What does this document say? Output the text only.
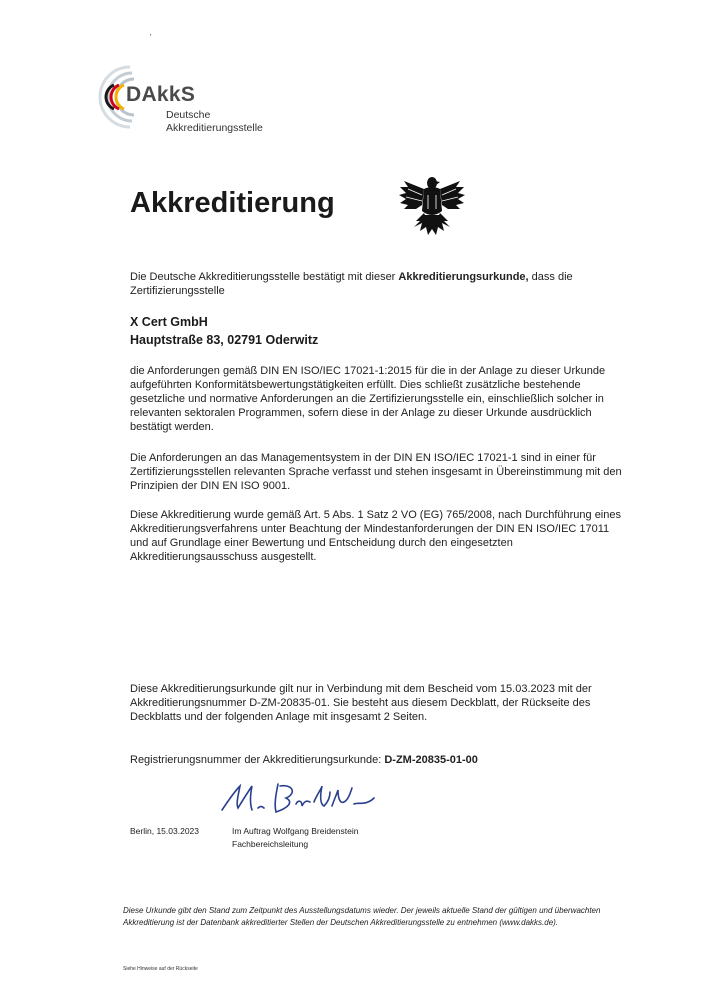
'
DAkkS
Deutsche
Akkreditierungsstelle
Akkreditierung
Die Deutsche Akkreditierungsstelle bestätigt mit dieser Akkreditierungsurkunde, dass die Zertifizierungsstelle
X Cert GmbH
Hauptstraße 83, 02791 Oderwitz
die Anforderungen gemäß DIN EN ISO/IEC 17021-1:2015 für die in der Anlage zu dieser Urkunde aufgeführten Konformitätsbewertungstätigkeiten erfüllt. Dies schließt zusätzliche bestehende gesetzliche und normative Anforderungen an die Zertifizierungsstelle ein, einschließlich solcher in relevanten sektoralen Programmen, sofern diese in der Anlage zu dieser Urkunde ausdrücklich bestätigt werden.
Die Anforderungen an das Managementsystem in der DIN EN ISO/IEC 17021-1 sind in einer für Zertifizierungsstellen relevanten Sprache verfasst und stehen insgesamt in Übereinstimmung mit den Prinzipien der DIN EN ISO 9001.
Diese Akkreditierung wurde gemäß Art. 5 Abs. 1 Satz 2 VO (EG) 765/2008, nach Durchführung eines Akkreditierungsverfahrens unter Beachtung der Mindestanforderungen der DIN EN ISO/IEC 17011 und auf Grundlage einer Bewertung und Entscheidung durch den eingesetzten Akkreditierungsausschuss ausgestellt.
Diese Akkreditierungsurkunde gilt nur in Verbindung mit dem Bescheid vom 15.03.2023 mit der Akkreditierungsnummer D-ZM-20835-01. Sie besteht aus diesem Deckblatt, der Rückseite des Deckblatts und der folgenden Anlage mit insgesamt 2 Seiten.
Registrierungsnummer der Akkreditierungsurkunde: D-ZM-20835-01-00
Berlin, 15.03.2023	Im Auftrag Wolfgang Breidenstein
Fachbereichsleitung
Diese Urkunde gibt den Stand zum Zeitpunkt des Ausstellungsdatums wieder. Der jeweils aktuelle Stand der gültigen und überwachten Akkreditierung ist der Datenbank akkreditierter Stellen der Deutschen Akkreditierungsstelle zu entnehmen (www.dakks.de).
Siehe Hinweise auf der Rückseite
